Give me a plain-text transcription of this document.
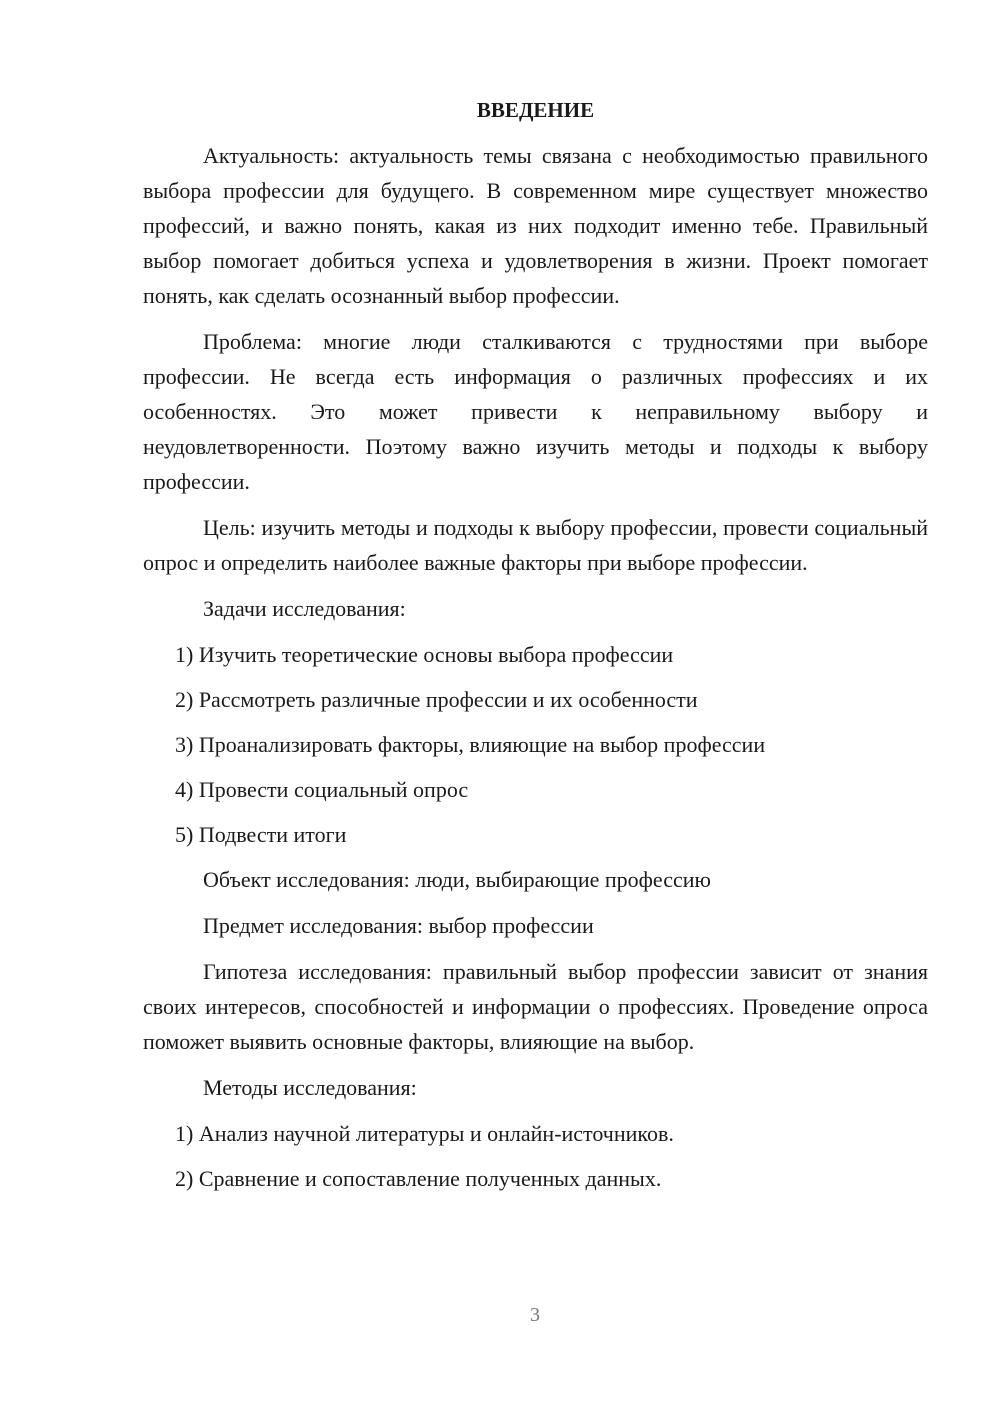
ВВЕДЕНИЕ

Актуальность: актуальность темы связана с необходимостью правильного выбора профессии для будущего. В современном мире существует множество профессий, и важно понять, какая из них подходит именно тебе. Правильный выбор помогает добиться успеха и удовлетворения в жизни. Проект помогает понять, как сделать осознанный выбор профессии.

Проблема: многие люди сталкиваются с трудностями при выборе профессии. Не всегда есть информация о различных профессиях и их особенностях. Это может привести к неправильному выбору и неудовлетворенности. Поэтому важно изучить методы и подходы к выбору профессии.

Цель: изучить методы и подходы к выбору профессии, провести социальный опрос и определить наиболее важные факторы при выборе профессии.

Задачи исследования:

1) Изучить теоретические основы выбора профессии
2) Рассмотреть различные профессии и их особенности
3) Проанализировать факторы, влияющие на выбор профессии
4) Провести социальный опрос
5) Подвести итоги

Объект исследования: люди, выбирающие профессию

Предмет исследования: выбор профессии

Гипотеза исследования: правильный выбор профессии зависит от знания своих интересов, способностей и информации о профессиях. Проведение опроса поможет выявить основные факторы, влияющие на выбор.

Методы исследования:

1) Анализ научной литературы и онлайн-источников.
2) Сравнение и сопоставление полученных данных.
3
